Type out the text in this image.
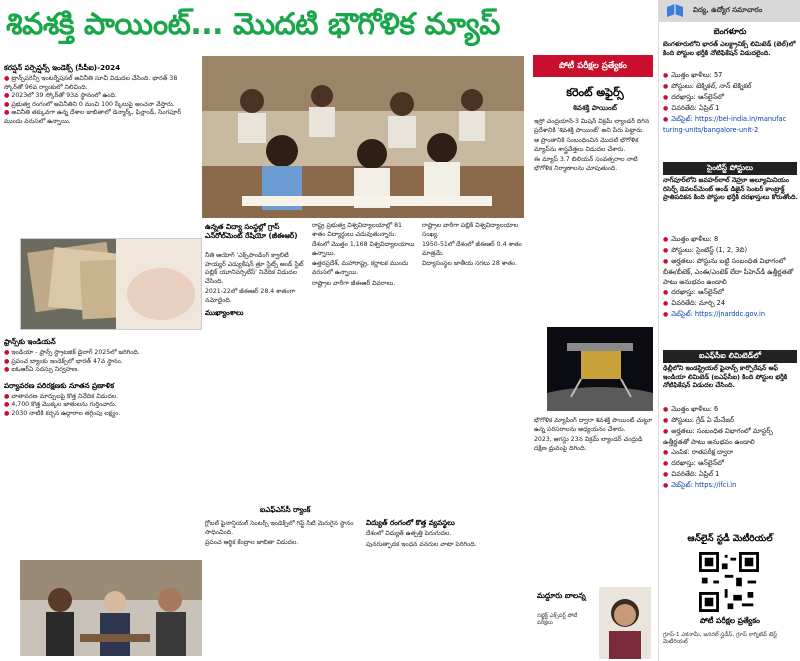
శివశక్తి పాయింట్... మొదటి భౌగోళిక మ్యాప్
కరప్షన్ పర్సెప్షన్స్ ఇండెక్స్ (సీపీఐ)-2024
● ట్రాన్స్‌పరెన్సీ ఇంటర్నేషనల్ అవినీతి సూచీ విడుదల చేసింది. భారత్ 38 స్కోర్‌తో 96వ ర్యాంకులో నిలిచింది.
● 2023లో 39 స్కోర్‌తో 93వ స్థానంలో ఉంది.
● ప్రభుత్వ రంగంలో అవినీతిని 0 నుంచి 100 స్కేలుపై అంచనా వేస్తారు.
● అవినీతి తక్కువగా ఉన్న దేశాల జాబితాలో డెన్మార్క్, ఫిన్లాండ్, సింగపూర్ ముందు వరుసలో ఉన్నాయి.
ఫ్రాన్స్‌కు ఇండియన్
● ఇండియా - ఫ్రాన్స్ స్ట్రాటజిక్ డైలాగ్ 2025లో జరిగింది.
● ప్రపంచ బ్యాంకు ఇండెక్స్‌లో భారత్ 47వ స్థానం.
● ఐఓఆర్ఏ సదస్సు నిర్వహణ.
పర్యావరణ పరిరక్షణకు నూతన ప్రణాళిక
● వాతావరణ మార్పులపై కొత్త నివేదిక విడుదల.
● 4,700 కొత్త మొక్కల జాతులను గుర్తించారు.
● 2030 నాటికి కర్బన ఉద్గారాల తగ్గింపు లక్ష్యం.
ఉన్నత విద్యా సంస్థల్లో గ్రాస్ ఎన్‌రోల్‌మెంట్ రేషియో (జీఈఆర్)

నీతి ఆయోగ్ 'ఎక్స్‌పాండింగ్ క్వాలిటీ హయ్యర్ ఎడ్యుకేషన్ త్రూ స్టేట్స్ అండ్ స్టేట్ పబ్లిక్ యూనివర్సిటీస్' నివేదిక విడుదల చేసింది.

2021-22లో జీఈఆర్ 28.4 శాతంగా నమోదైంది.

ముఖ్యాంశాలు

రాష్ట్ర ప్రభుత్వ విశ్వవిద్యాలయాల్లో 81 శాతం విద్యార్థులు చదువుతున్నారు.

దేశంలో మొత్తం 1,168 విశ్వవిద్యాలయాలు ఉన్నాయి.

ఉత్తరప్రదేశ్, మహారాష్ట్ర, కర్ణాటక ముందు వరుసలో ఉన్నాయి.

రాష్ట్రాల వారీగా జీఈఆర్ వివరాలు.

రాష్ట్రాల వారీగా పబ్లిక్ విశ్వవిద్యాలయాల సంఖ్య.

1950-51లో దేశంలో జీఈఆర్ 0.4 శాతం మాత్రమే.

విద్యాసంస్థల జాతీయ సగటు 28 శాతం.

ఐఎఫ్ఎస్‌సీ ర్యాంక్

గ్లోబల్ ఫైనాన్షియల్ సెంటర్స్ ఇండెక్స్‌లో గిఫ్ట్ సిటీ మెరుగైన స్థానం సాధించింది.

ప్రపంచ ఆర్థిక కేంద్రాల జాబితా విడుదల.

విద్యుత్ రంగంలో కొత్త వ్యవస్థలు

దేశంలో విద్యుత్ ఉత్పత్తి పెరుగుదల.

పునరుత్పాదక ఇంధన వనరుల వాటా పెరిగింది.

పోటీ పరీక్షల ప్రత్యేకం
కరెంట్ అఫైర్స్
శివశక్తి పాయింట్

ఇస్రో చంద్రయాన్-3 మిషన్ విక్రమ్ ల్యాండర్ దిగిన ప్రదేశానికి 'శివశక్తి పాయింట్' అని పేరు పెట్టారు.

ఆ ప్రాంతానికి సంబంధించిన మొదటి భౌగోళిక మ్యాప్‌ను శాస్త్రవేత్తలు విడుదల చేశారు.

ఈ మ్యాప్ 3.7 బిలియన్ సంవత్సరాల నాటి భౌగోళిక నిర్మాణాలను చూపుతుంది.

భౌగోళిక మ్యాపింగ్ ద్వారా శివశక్తి పాయింట్ చుట్టూ ఉన్న పరిసరాలను అధ్యయనం చేశారు.

2023, ఆగస్టు 23న విక్రమ్ ల్యాండర్ చంద్రుడి దక్షిణ ధ్రువంపై దిగింది.

మద్దూరు బాలన్న
సబ్జెక్ట్ ఎక్స్‌పర్ట్ పోటీ పరీక్షలు
విద్య, ఉద్యోగ సమాచారం
బెంగళూరు
బెంగళూరులోని భారత్ ఎలక్ట్రానిక్స్ లిమిటెడ్ (బెల్)లో కింది పోస్టుల భర్తీకి నోటిఫికేషన్ విడుదలైంది.
● మొత్తం ఖాళీలు: 57
● పోస్టులు: టెక్నికల్, నాన్ టెక్నికల్
● దరఖాస్తు: ఆన్‌లైన్‌లో
● చివరితేది: ఏప్రిల్ 1
● వెబ్‌సైట్: https://bel-india.in/manufac turing-units/bangalore-unit-2
సైంటిస్ట్ పోస్టులు
నాగ్‌పూర్‌లోని జవహర్‌లాల్ నెహ్రూ అల్యూమినియం రిసెర్చ్ డెవలప్‌మెంట్ అండ్ డిజైన్ సెంటర్ కాంట్రాక్ట్ ప్రాతిపదికన కింది పోస్టుల భర్తీకి దరఖాస్తులు కోరుతోంది.
● మొత్తం ఖాళీలు: 8
● పోస్టులు: సైంటిస్ట్ (1, 2, 3బి)
● అర్హతలు: పోస్టును బట్టి సంబంధిత విభాగంలో బీఈ/బీటెక్, ఎంఈ/ఎంటెక్ లేదా పీహెచ్‌డీ ఉత్తీర్ణతతో పాటు అనుభవం ఉండాలి
● దరఖాస్తు: ఆన్‌లైన్‌లో
● చివరితేది: మార్చి 24
● వెబ్‌సైట్: https://jnarddc.gov.in
ఐఎఫ్‌సీఐ లిమిటెడ్‌లో
ఢిల్లీలోని ఇండస్ట్రియల్ ఫైనాన్స్ కార్పొరేషన్ ఆఫ్ ఇండియా లిమిటెడ్ (ఐఎఫ్‌సీఐ) కింది పోస్టుల భర్తీకి నోటిఫికేషన్ విడుదల చేసింది.
● మొత్తం ఖాళీలు: 6
● పోస్టులు: గ్రేడ్ ఏ మేనేజర్
● అర్హతలు: సంబంధిత విభాగంలో మాస్టర్స్ ఉత్తీర్ణతతో పాటు అనుభవం ఉండాలి
● ఎంపిక: రాతపరీక్ష ద్వారా
● దరఖాస్తు: ఆన్‌లైన్‌లో
● చివరితేది: ఏప్రిల్ 1
● వెబ్‌సైట్: https://ifci.in
ఆన్‌లైన్ స్టడీ మెటీరియల్
పోటీ పరీక్షల ప్రత్యేకం
గ్రూప్-1 ఎకనామీ, జనరల్ స్టడీస్, గ్రూప్ కాగ్నిటివ్ టెస్ట్ మెటీరియల్
